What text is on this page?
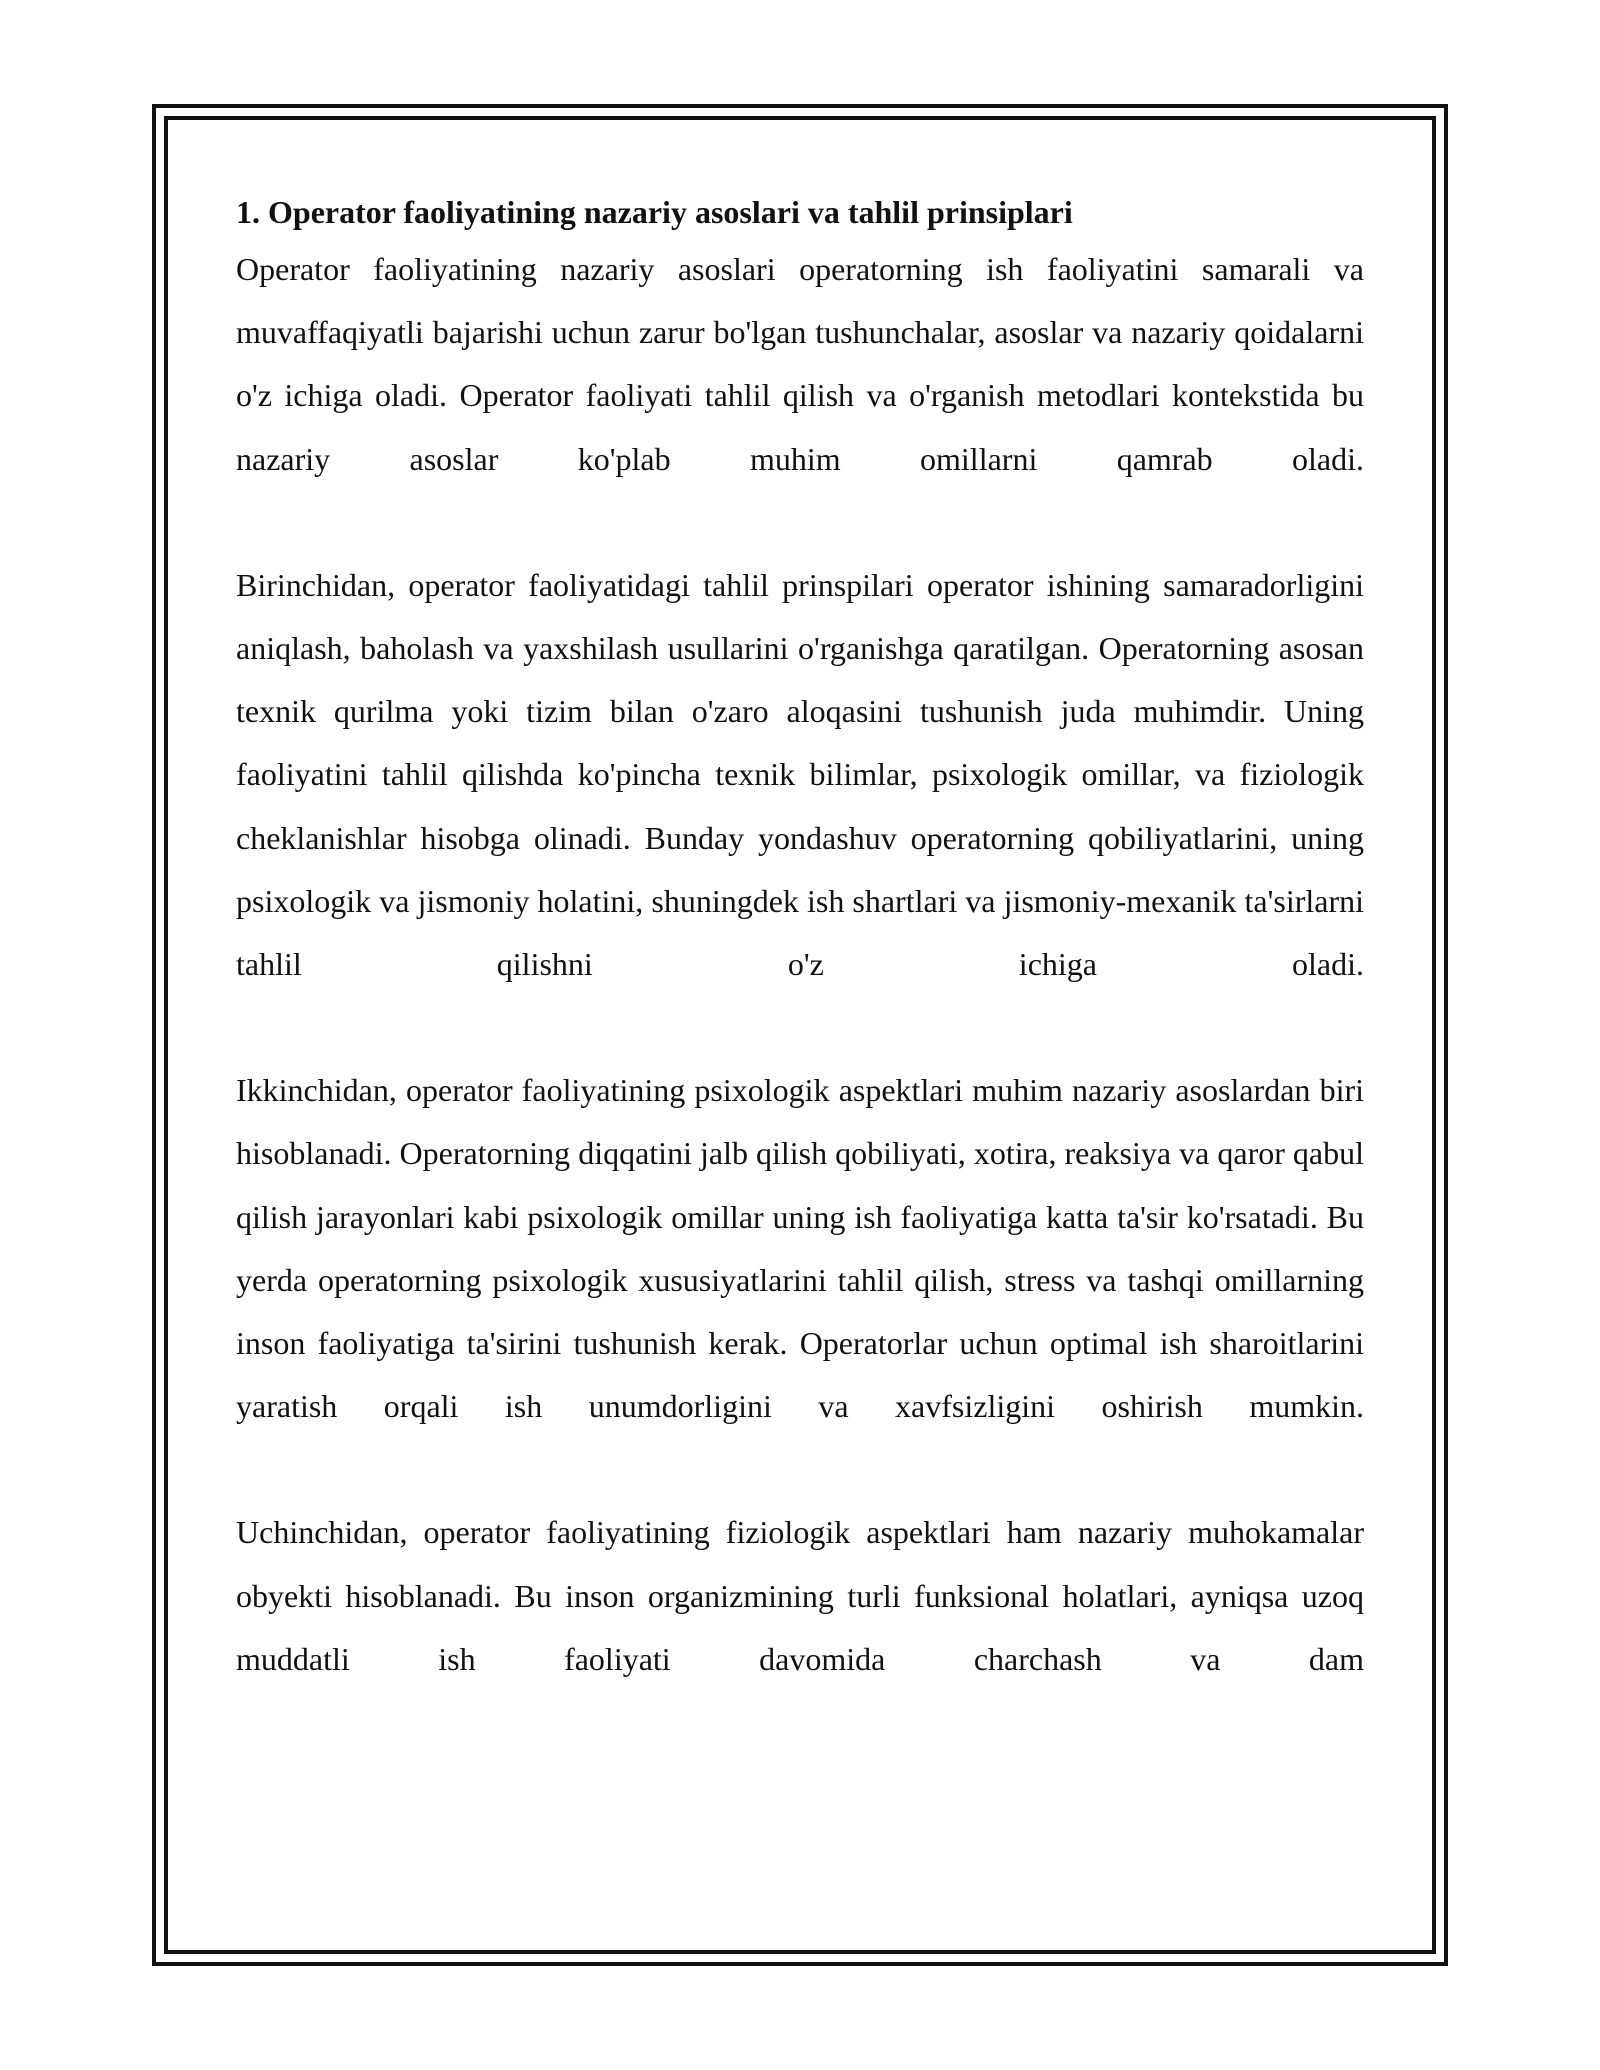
1. Operator faoliyatining nazariy asoslari va tahlil prinsiplari

Operator faoliyatining nazariy asoslari operatorning ish faoliyatini samarali va muvaffaqiyatli bajarishi uchun zarur bo'lgan tushunchalar, asoslar va nazariy qoidalarni o'z ichiga oladi. Operator faoliyati tahlil qilish va o'rganish metodlari kontekstida bu nazariy asoslar ko'plab muhim omillarni qamrab oladi.

Birinchidan, operator faoliyatidagi tahlil prinspilari operator ishining samaradorligini aniqlash, baholash va yaxshilash usullarini o'rganishga qaratilgan. Operatorning asosan texnik qurilma yoki tizim bilan o'zaro aloqasini tushunish juda muhimdir. Uning faoliyatini tahlil qilishda ko'pincha texnik bilimlar, psixologik omillar, va fiziologik cheklanishlar hisobga olinadi. Bunday yondashuv operatorning qobiliyatlarini, uning psixologik va jismoniy holatini, shuningdek ish shartlari va jismoniy-mexanik ta'sirlarni tahlil qilishni o'z ichiga oladi.

Ikkinchidan, operator faoliyatining psixologik aspektlari muhim nazariy asoslardan biri hisoblanadi. Operatorning diqqatini jalb qilish qobiliyati, xotira, reaksiya va qaror qabul qilish jarayonlari kabi psixologik omillar uning ish faoliyatiga katta ta'sir ko'rsatadi. Bu yerda operatorning psixologik xususiyatlarini tahlil qilish, stress va tashqi omillarning inson faoliyatiga ta'sirini tushunish kerak. Operatorlar uchun optimal ish sharoitlarini yaratish orqali ish unumdorligini va xavfsizligini oshirish mumkin.

Uchinchidan, operator faoliyatining fiziologik aspektlari ham nazariy muhokamalar obyekti hisoblanadi. Bu inson organizmining turli funksional holatlari, ayniqsa uzoq muddatli ish faoliyati davomida charchash va dam
